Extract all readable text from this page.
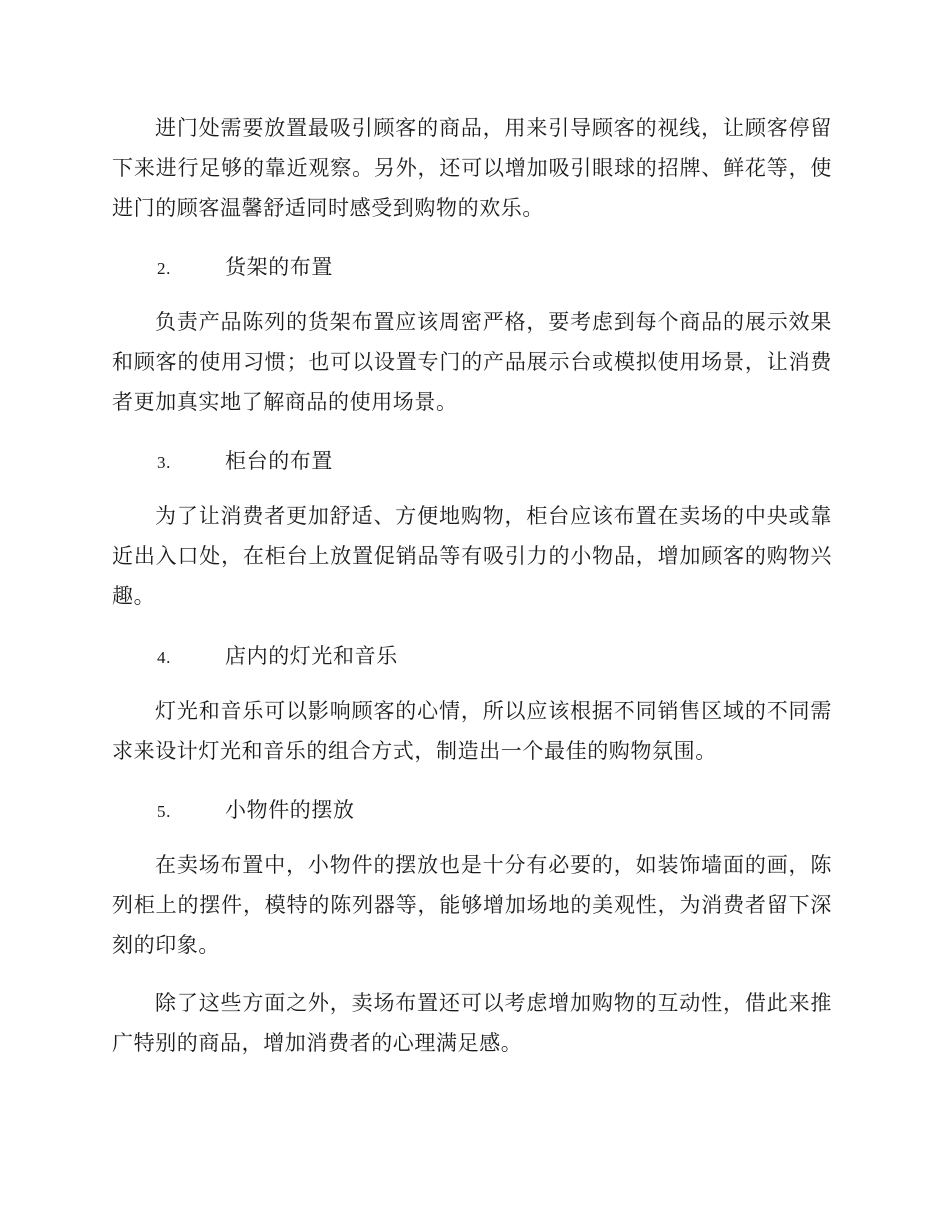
进门处需要放置最吸引顾客的商品，用来引导顾客的视线，让顾客停留下来进行足够的靠近观察。另外，还可以增加吸引眼球的招牌、鲜花等，使进门的顾客温馨舒适同时感受到购物的欢乐。

2.	货架的布置

负责产品陈列的货架布置应该周密严格，要考虑到每个商品的展示效果和顾客的使用习惯；也可以设置专门的产品展示台或模拟使用场景，让消费者更加真实地了解商品的使用场景。

3.	柜台的布置

为了让消费者更加舒适、方便地购物，柜台应该布置在卖场的中央或靠近出入口处，在柜台上放置促销品等有吸引力的小物品，增加顾客的购物兴趣。

4.	店内的灯光和音乐

灯光和音乐可以影响顾客的心情，所以应该根据不同销售区域的不同需求来设计灯光和音乐的组合方式，制造出一个最佳的购物氛围。

5.	小物件的摆放

在卖场布置中，小物件的摆放也是十分有必要的，如装饰墙面的画，陈列柜上的摆件，模特的陈列器等，能够增加场地的美观性，为消费者留下深刻的印象。

除了这些方面之外，卖场布置还可以考虑增加购物的互动性，借此来推广特别的商品，增加消费者的心理满足感。
